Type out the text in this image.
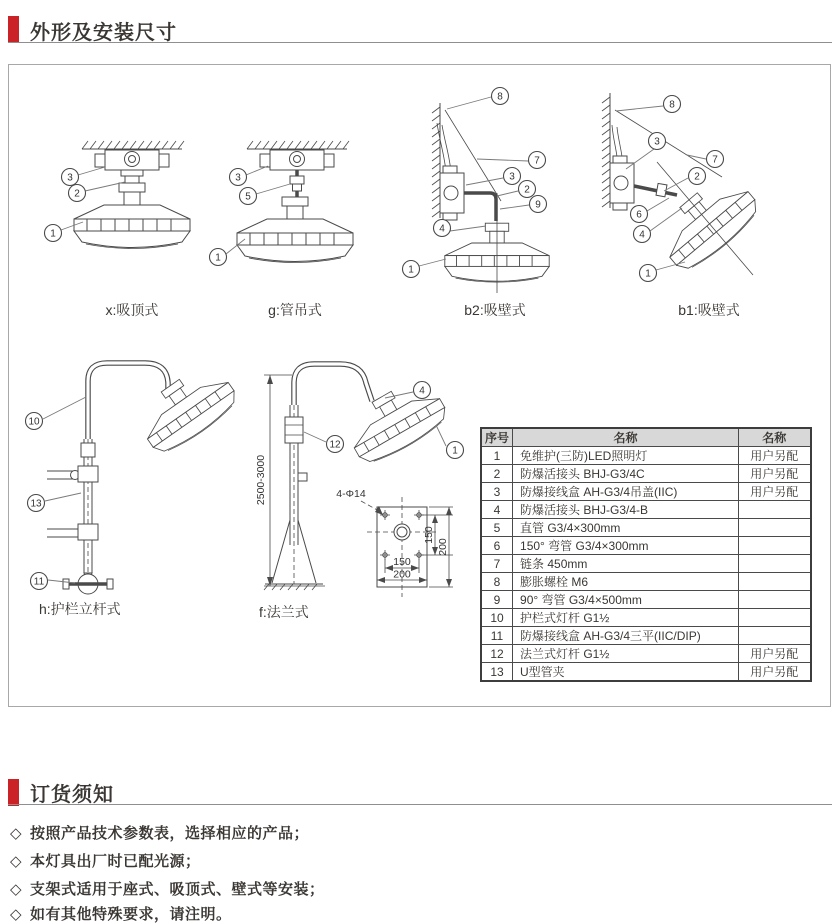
外形及安装尺寸
3
2
1
3
5
1
8
7
3
2
9
4
1
8
3
7
2
6
4
1
10
13
11
2500-3000
4
12
1
4-Φ14
150
200
150
200
x:吸顶式	g:管吊式	b2:吸壁式	b1:吸壁式
h:护栏立杆式	f:法兰式
序号	名称	名称
1	免维护(三防)LED照明灯	用户另配
2	防爆活接头 BHJ-G3/4C	用户另配
3	防爆接线盒 AH-G3/4吊盖(IIC)	用户另配
4	防爆活接头 BHJ-G3/4-B	
5	直管 G3/4×300mm	
6	150° 弯管 G3/4×300mm	
7	链条 450mm	
8	膨胀螺栓 M6	
9	90° 弯管 G3/4×500mm	
10	护栏式灯杆 G1½	
11	防爆接线盒 AH-G3/4三平(IIC/DIP)	
12	法兰式灯杆 G1½	用户另配
13	U型管夹	用户另配
订货须知
◇ 按照产品技术参数表，选择相应的产品；
◇ 本灯具出厂时已配光源；
◇ 支架式适用于座式、吸顶式、壁式等安装；
◇ 如有其他特殊要求，请注明。
